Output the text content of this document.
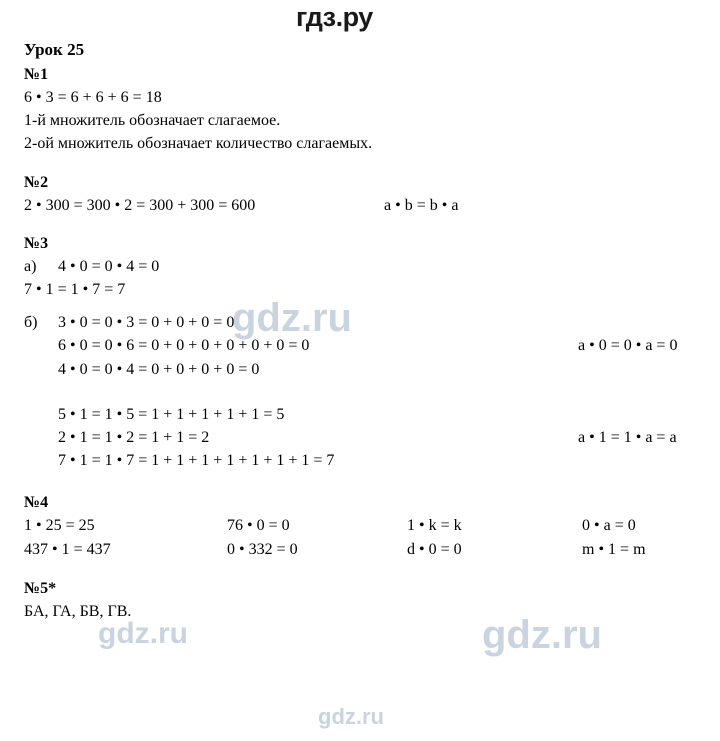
гдз.ру
Урок 25
№1
6 • 3 = 6 + 6 + 6 = 18
1-й множитель обозначает слагаемое.
2-ой множитель обозначает количество слагаемых.
№2
2 • 300 = 300 • 2 = 300 + 300 = 600	a • b = b • a
№3
а)	4 • 0 = 0 • 4 = 0
7 • 1 = 1 • 7 = 7
б)	3 • 0 = 0 • 3 = 0 + 0 + 0 = 0
6 • 0 = 0 • 6 = 0 + 0 + 0 + 0 + 0 + 0 = 0	a • 0 = 0 • a = 0
4 • 0 = 0 • 4 = 0 + 0 + 0 + 0 = 0
5 • 1 = 1 • 5 = 1 + 1 + 1 + 1 + 1 = 5
2 • 1 = 1 • 2 = 1 + 1 = 2	a • 1 = 1 • a = a
7 • 1 = 1 • 7 = 1 + 1 + 1 + 1 + 1 + 1 + 1 = 7
№4
1 • 25 = 25	76 • 0 = 0	1 • k = k	0 • a = 0
437 • 1 = 437	0 • 332 = 0	d • 0 = 0	m • 1 = m
№5*
БА, ГА, БВ, ГВ.
gdz.ru
gdz.ru	gdz.ru
gdz.ru
